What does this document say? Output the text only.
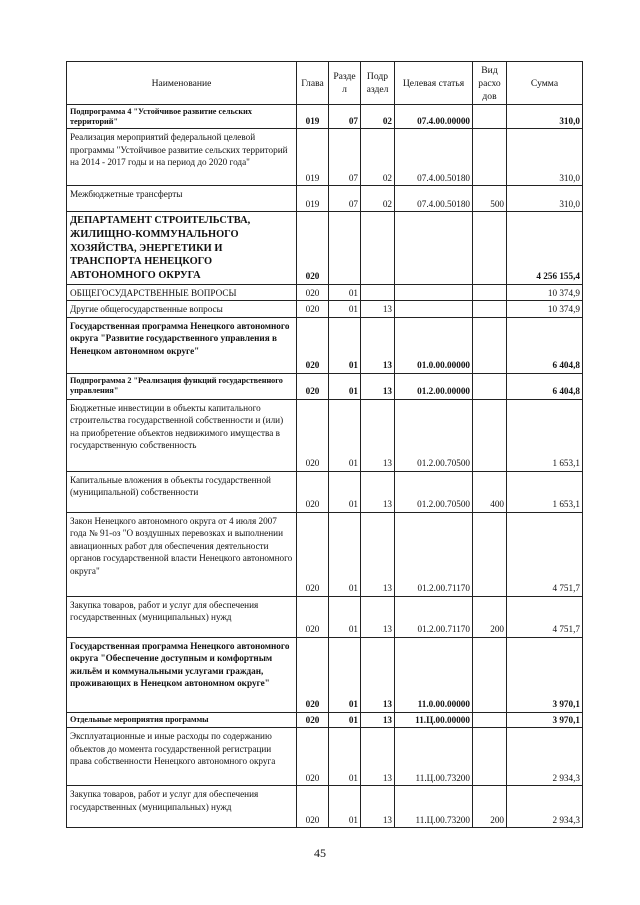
Наименование	Глава	Разде л	Подр аздел	Целевая статья	Вид расхо дов	Сумма
Подпрограмма 4 "Устойчивое развитие сельских территорий"	019	07	02	07.4.00.00000		310,0
Реализация мероприятий федеральной целевой программы "Устойчивое развитие сельских территорий на 2014 - 2017 годы и на период до 2020 года"	019	07	02	07.4.00.50180		310,0
Межбюджетные трансферты	019	07	02	07.4.00.50180	500	310,0
ДЕПАРТАМЕНТ СТРОИТЕЛЬСТВА, ЖИЛИЩНО-КОММУНАЛЬНОГО ХОЗЯЙСТВА, ЭНЕРГЕТИКИ И ТРАНСПОРТА НЕНЕЦКОГО АВТОНОМНОГО ОКРУГА	020					4 256 155,4
ОБЩЕГОСУДАРСТВЕННЫЕ ВОПРОСЫ	020	01				10 374,9
Другие общегосударственные вопросы	020	01	13			10 374,9
Государственная программа Ненецкого автономного округа "Развитие государственного управления в Ненецком автономном округе"	020	01	13	01.0.00.00000		6 404,8
Подпрограмма 2 "Реализация функций государственного управления"	020	01	13	01.2.00.00000		6 404,8
Бюджетные инвестиции в объекты капитального строительства государственной собственности и (или) на приобретение объектов недвижимого имущества в государственную собственность	020	01	13	01.2.00.70500		1 653,1
Капитальные вложения в объекты государственной (муниципальной) собственности	020	01	13	01.2.00.70500	400	1 653,1
Закон Ненецкого автономного округа от 4 июля 2007 года № 91-оз "О воздушных перевозках и выполнении авиационных работ для обеспечения деятельности органов государственной власти Ненецкого автономного округа"	020	01	13	01.2.00.71170		4 751,7
Закупка товаров, работ и услуг для обеспечения государственных (муниципальных) нужд	020	01	13	01.2.00.71170	200	4 751,7
Государственная программа Ненецкого автономного округа "Обеспечение доступным и комфортным жильём и коммунальными услугами граждан, проживающих в Ненецком автономном округе"	020	01	13	11.0.00.00000		3 970,1
Отдельные мероприятия программы	020	01	13	11.Ц.00.00000		3 970,1
Эксплуатационные и иные расходы по содержанию объектов до момента государственной регистрации права собственности Ненецкого автономного округа	020	01	13	11.Ц.00.73200		2 934,3
Закупка товаров, работ и услуг для обеспечения государственных (муниципальных) нужд	020	01	13	11.Ц.00.73200	200	2 934,3
45
